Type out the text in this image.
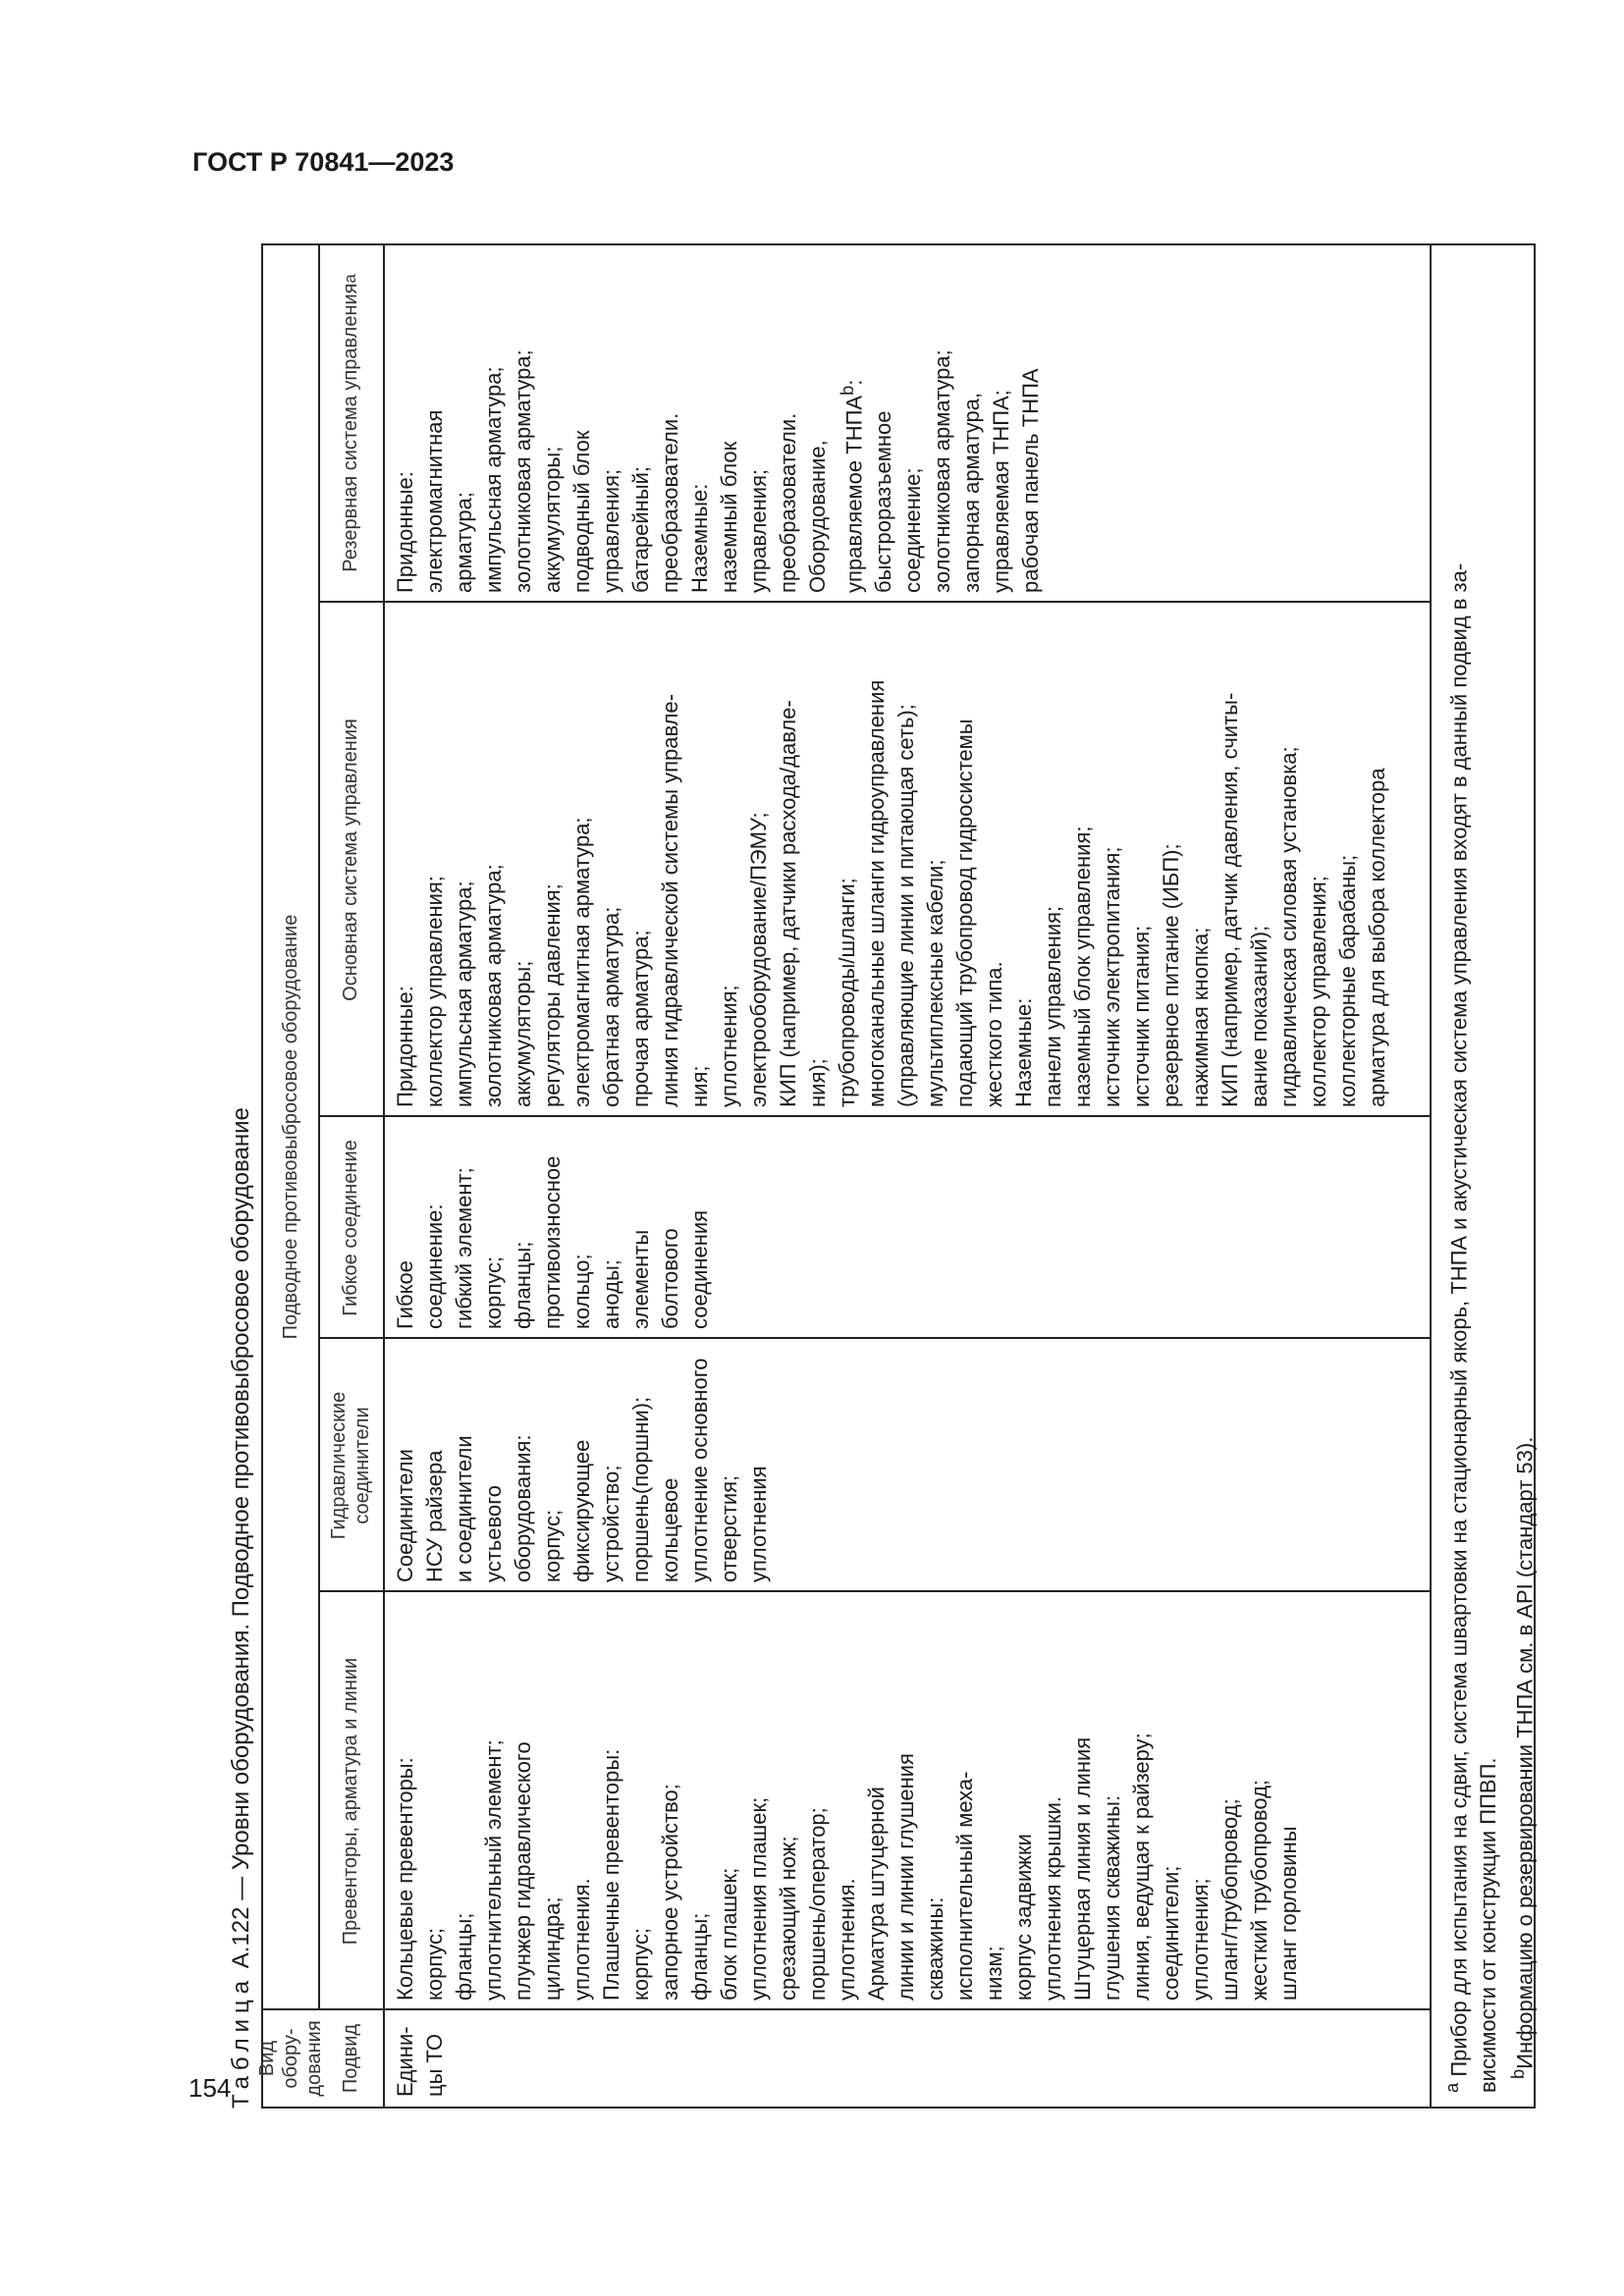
ГОСТ Р 70841—2023
154
Таблица А.122 — Уровни оборудования. Подводное противовыбросовое оборудование
Вид обору- дования
Подводное противовыбросовое оборудование
Подвид
Превенторы, арматура и линии
Гидравлические соединители
Гибкое соединение
Основная система управления
Резервная система управления
a
Едини- цы ТО
Кольцевые превенторы: корпус; фланцы; уплотнительный элемент; плунжер гидравлического цилиндра; уплотнения. Плашечные превенторы: корпус; запорное устройство; фланцы; блок плашек; уплотнения плашек; срезающий нож; поршень/оператор; уплотнения. Арматура штуцерной линии и линии глушения скважины: исполнительный меха- низм; корпус задвижки уплотнения крышки. Штуцерная линия и линия глушения скважины: линия, ведущая к райзеру; соединители; уплотнения; шланг/трубопровод; жесткий трубопровод; шланг горловины
Соединители НСУ райзера и соединители устьевого оборудования: корпус; фиксирующее устройство; поршень(поршни); кольцевое уплотнение основного отверстия; уплотнения
Гибкое соединение: гибкий элемент; корпус; фланцы; противоизносное кольцо; аноды; элементы болтового соединения
Придонные: коллектор управления; импульсная арматура; золотниковая арматура; аккумуляторы; регуляторы давления; электромагнитная арматура; обратная арматура; прочая арматура; линия гидравлической системы управле- ния; уплотнения; электрооборудование/ПЭМУ; КИП (например, датчики расхода/давле- ния); трубопроводы/шланги; многоканальные шланги гидроуправления (управляющие линии и питающая сеть); мультиплексные кабели; подающий трубопровод гидросистемы жесткого типа. Наземные: панели управления; наземный блок управления; источник электропитания; источник питания; резервное питание (ИБП); нажимная кнопка; КИП (например, датчик давления, считы- вание показаний); гидравлическая силовая установка; коллектор управления; коллекторные барабаны; арматура для выбора коллектора
Придонные: электромагнитная арматура; импульсная арматура; золотниковая арматура; аккумуляторы; подводный блок управления; батарейный; преобразователи. Наземные: наземный блок управления; преобразователи. Оборудование, управляемое ТНПА$^b$:
быстроразъемное соединение; золотниковая арматура; запорная арматура, управляемая ТНПА; рабочая панель ТНПА
$^a$ Прибор для испытания на сдвиг, система швартовки на стационарный якорь, ТНПА и акустическая система управления входят в данный подвид в за- висимости от конструкции ППВП. $^b$Информацию о резервировании ТНПА см. в API (стандарт 53).
